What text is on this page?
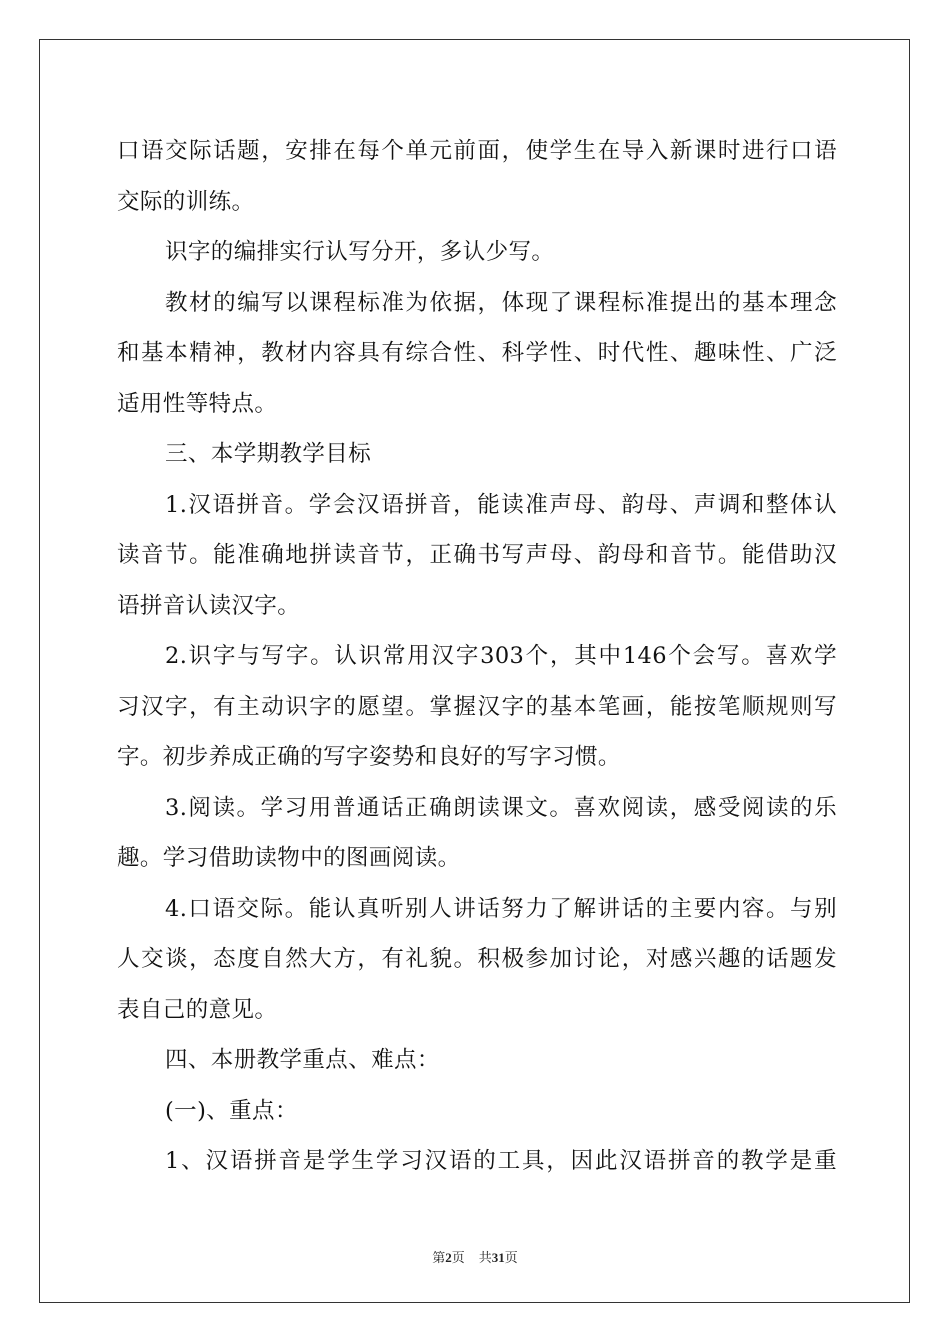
口语交际话题，安排在每个单元前面，使学生在导入新课时进行口语
交际的训练。
识字的编排实行认写分开，多认少写。
教材的编写以课程标准为依据，体现了课程标准提出的基本理念
和基本精神，教材内容具有综合性、科学性、时代性、趣味性、广泛
适用性等特点。
三、本学期教学目标
1.汉语拼音。学会汉语拼音，能读准声母、韵母、声调和整体认
读音节。能准确地拼读音节，正确书写声母、韵母和音节。能借助汉
语拼音认读汉字。
2.识字与写字。认识常用汉字303个，其中146个会写。喜欢学
习汉字，有主动识字的愿望。掌握汉字的基本笔画，能按笔顺规则写
字。初步养成正确的写字姿势和良好的写字习惯。
3.阅读。学习用普通话正确朗读课文。喜欢阅读，感受阅读的乐
趣。学习借助读物中的图画阅读。
4.口语交际。能认真听别人讲话努力了解讲话的主要内容。与别
人交谈，态度自然大方，有礼貌。积极参加讨论，对感兴趣的话题发
表自己的意见。
四、本册教学重点、难点：
(一)、重点：
1、汉语拼音是学生学习汉语的工具，因此汉语拼音的教学是重
第2页 共31页
